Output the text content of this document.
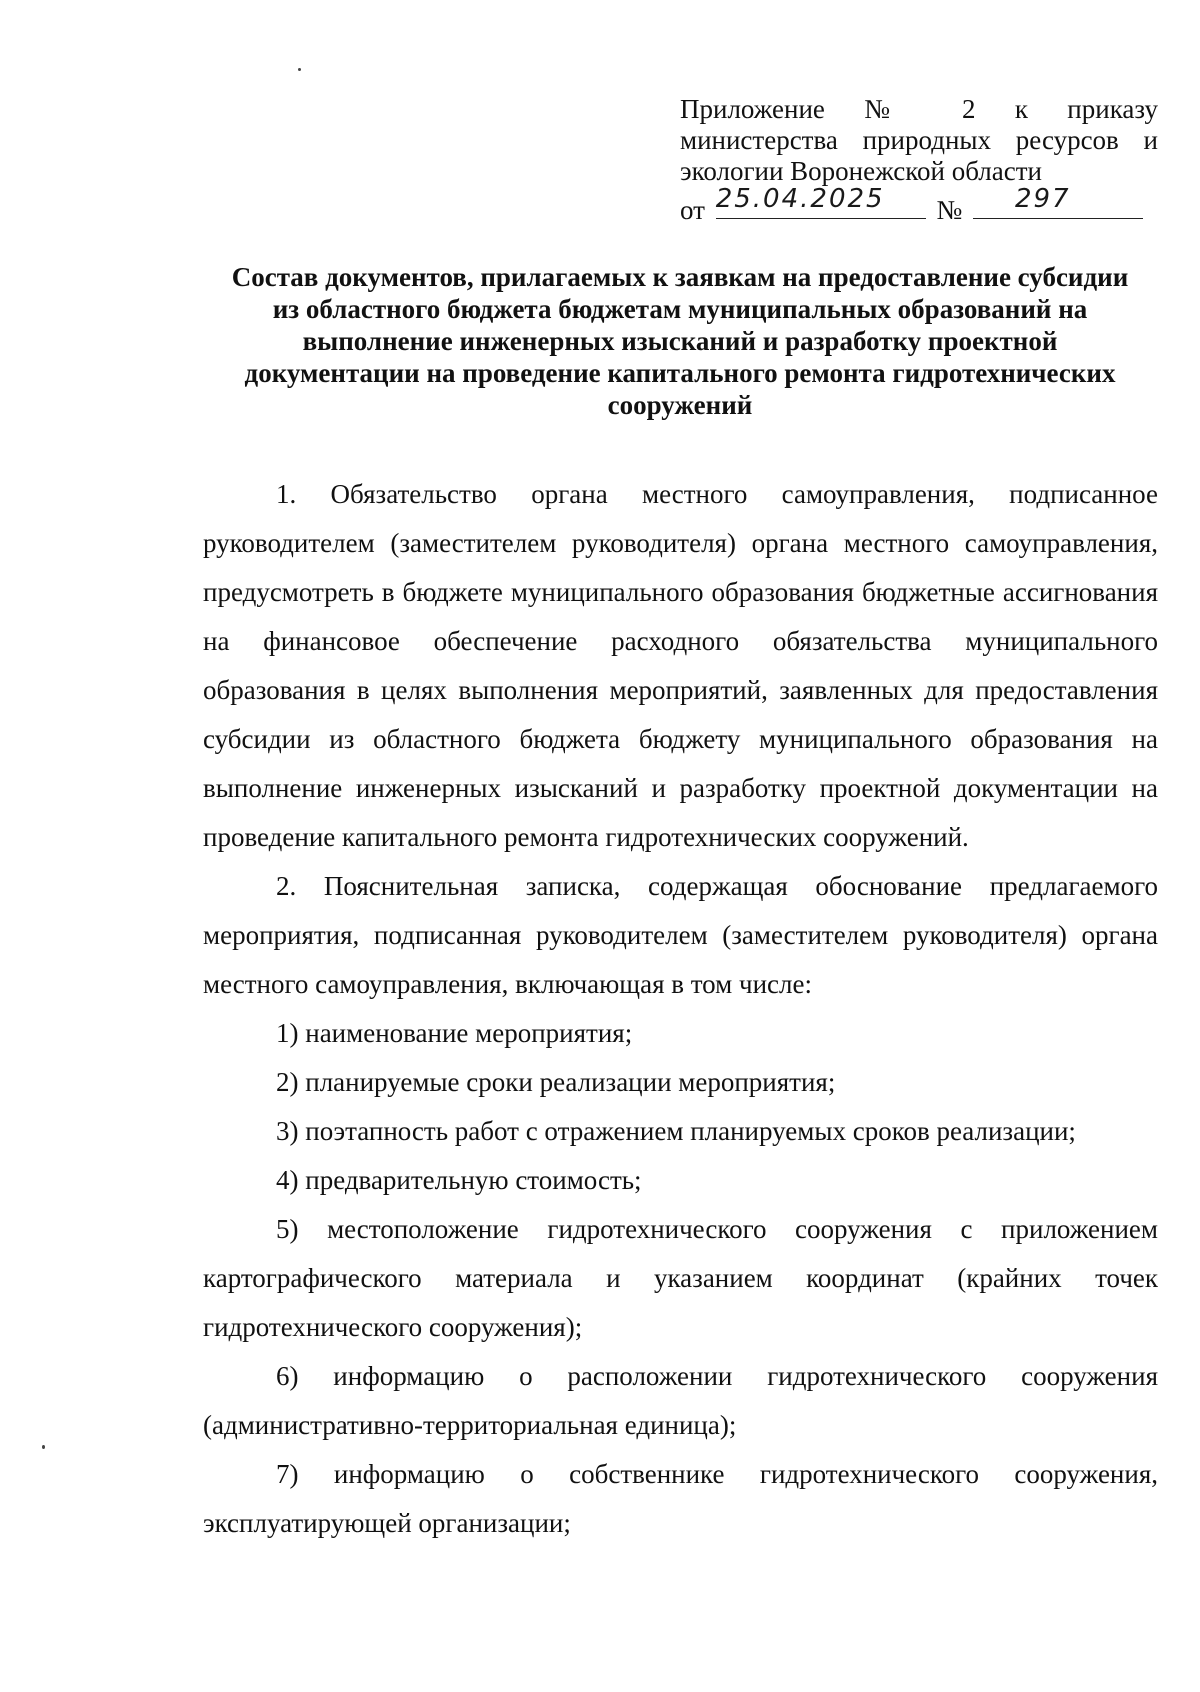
Приложение № 2 к приказу
министерства природных ресурсов и
экологии Воронежской области
от 25.04.2025	№	297
Состав документов, прилагаемых к заявкам на предоставление субсидии
из областного бюджета бюджетам муниципальных образований на
выполнение инженерных изысканий и разработку проектной
документации на проведение капитального ремонта гидротехнических
сооружений

1. Обязательство органа местного самоуправления, подписанное руководителем (заместителем руководителя) органа местного самоуправления, предусмотреть в бюджете муниципального образования бюджетные ассигнования на финансовое обеспечение расходного обязательства муниципального образования в целях выполнения мероприятий, заявленных для предоставления субсидии из областного бюджета бюджету муниципального образования на выполнение инженерных изысканий и разработку проектной документации на проведение капитального ремонта гидротехнических сооружений.

2. Пояснительная записка, содержащая обоснование предлагаемого мероприятия, подписанная руководителем (заместителем руководителя) органа местного самоуправления, включающая в том числе:

1) наименование мероприятия;

2) планируемые сроки реализации мероприятия;

3) поэтапность работ с отражением планируемых сроков реализации;

4) предварительную стоимость;

5) местоположение гидротехнического сооружения с приложением картографического материала и указанием координат (крайних точек гидротехнического сооружения);

6) информацию о расположении гидротехнического сооружения (административно-территориальная единица);

7) информацию о собственнике гидротехнического сооружения, эксплуатирующей организации;
